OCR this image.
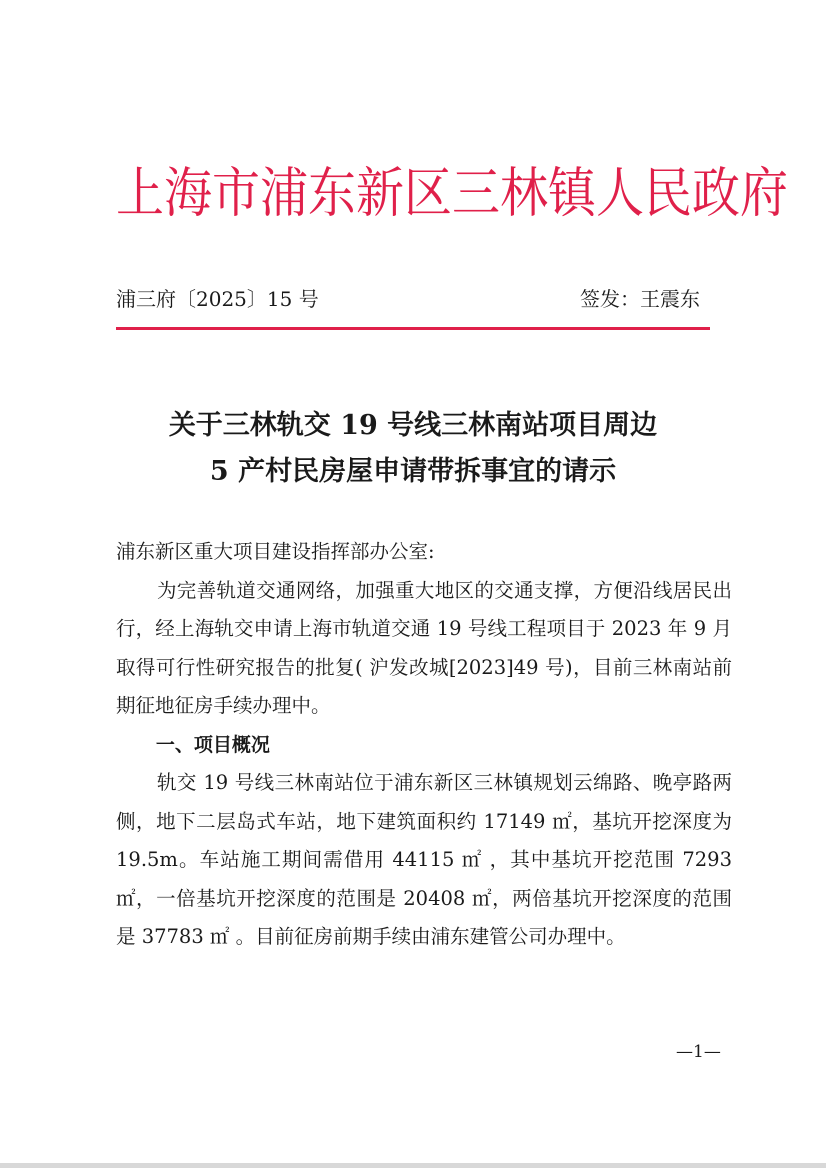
上海市浦东新区三林镇人民政府
浦三府〔2025〕15 号	签发：王震东
关于三林轨交 19 号线三林南站项目周边
5 产村民房屋申请带拆事宜的请示

浦东新区重大项目建设指挥部办公室:

为完善轨道交通网络，加强重大地区的交通支撑，方便沿线居民出行，经上海轨交申请上海市轨道交通 19 号线工程项目于 2023 年 9 月取得可行性研究报告的批复( 沪发改城[2023]49 号)，目前三林南站前期征地征房手续办理中。

一、项目概况

轨交 19 号线三林南站位于浦东新区三林镇规划云绵路、晚亭路两侧，地下二层岛式车站，地下建筑面积约 17149 ㎡，基坑开挖深度为 19.5m。车站施工期间需借用 44115 ㎡ ，其中基坑开挖范围 7293 ㎡，一倍基坑开挖深度的范围是 20408 ㎡，两倍基坑开挖深度的范围是 37783 ㎡ 。目前征房前期手续由浦东建管公司办理中。

—1—
